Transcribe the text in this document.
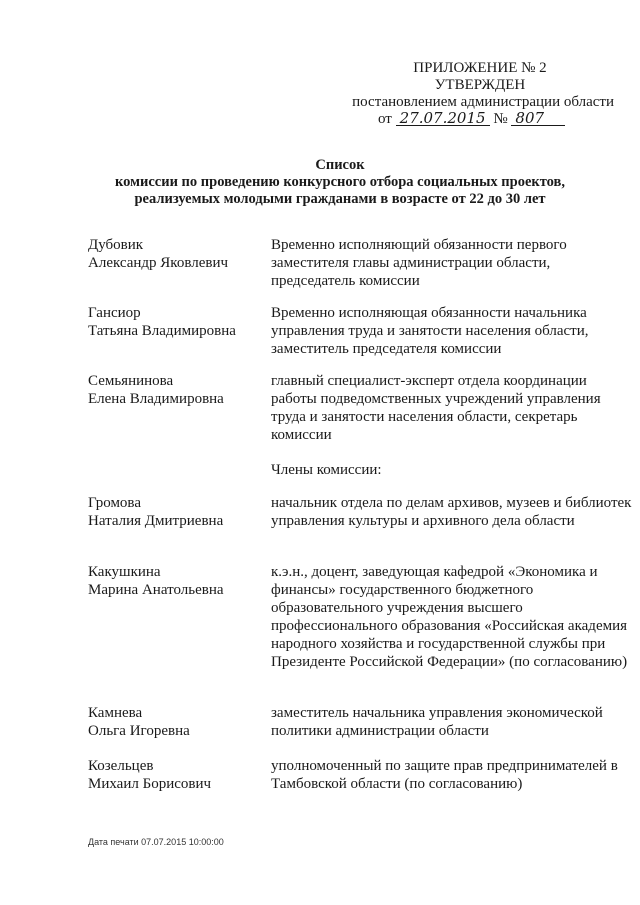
ПРИЛОЖЕНИЕ № 2
УТВЕРЖДЕН
постановлением администрации области
от 27.07.2015 № 807
Список
комиссии по проведению конкурсного отбора социальных проектов,
реализуемых молодыми гражданами в возрасте от 22 до 30 лет
Дубовик
Александр Яковлевич
Временно исполняющий обязанности первого заместителя главы администрации области, председатель комиссии
Гансиор
Татьяна Владимировна
Временно исполняющая обязанности начальника управления труда и занятости населения области, заместитель председателя комиссии
Семьянинова
Елена Владимировна
главный специалист-эксперт отдела координации работы подведомственных учреждений управления труда и занятости населения области, секретарь комиссии
Члены комиссии:
Громова
Наталия Дмитриевна
начальник отдела по делам архивов, музеев и библиотек управления культуры и архивного дела области
Какушкина
Марина Анатольевна
к.э.н., доцент, заведующая кафедрой «Экономика и финансы» государственного бюджетного образовательного учреждения высшего профессионального образования «Российская академия народного хозяйства и государственной службы при Президенте Российской Федерации» (по согласованию)
Камнева
Ольга Игоревна
заместитель начальника управления экономической политики администрации области
Козельцев
Михаил Борисович
уполномоченный по защите прав предпринимателей в Тамбовской области (по согласованию)
Дата печати 07.07.2015 10:00:00
